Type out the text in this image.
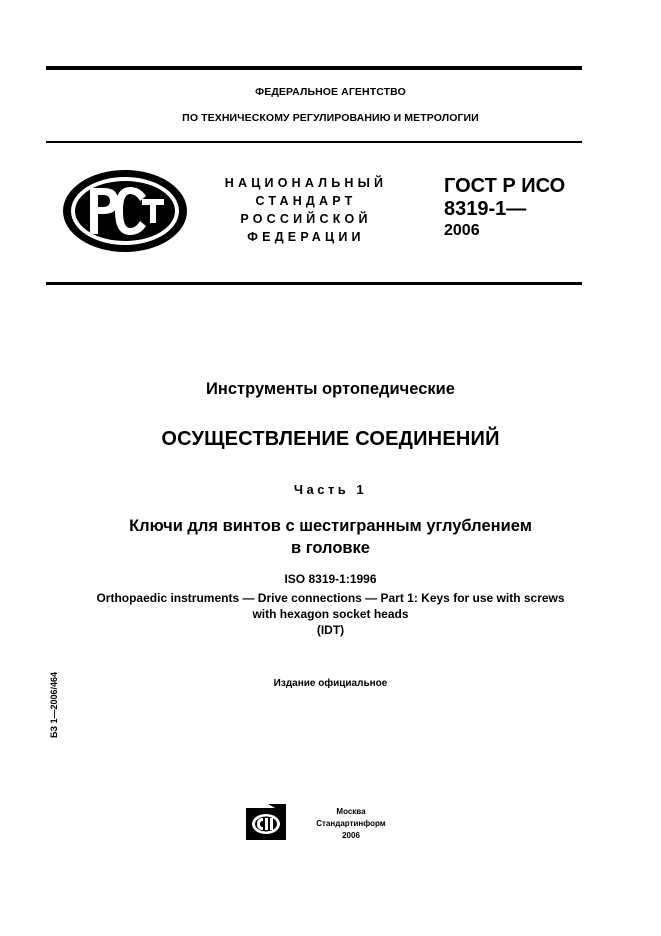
ФЕДЕРАЛЬНОЕ АГЕНТСТВО
ПО ТЕХНИЧЕСКОМУ РЕГУЛИРОВАНИЮ И МЕТРОЛОГИИ
НАЦИОНАЛЬНЫЙ
СТАНДАРТ
РОССИЙСКОЙ
ФЕДЕРАЦИИ
ГОСТ Р ИСО
8319-1—
2006
Инструменты ортопедические
ОСУЩЕСТВЛЕНИЕ СОЕДИНЕНИЙ
Часть 1
Ключи для винтов с шестигранным углублением
в головке
ISO 8319-1:1996
Orthopaedic instruments — Drive connections — Part 1: Keys for use with screws
with hexagon socket heads
(IDT)
Издание официальное
БЗ 1—2006/464
Москва
Стандартинформ
2006
